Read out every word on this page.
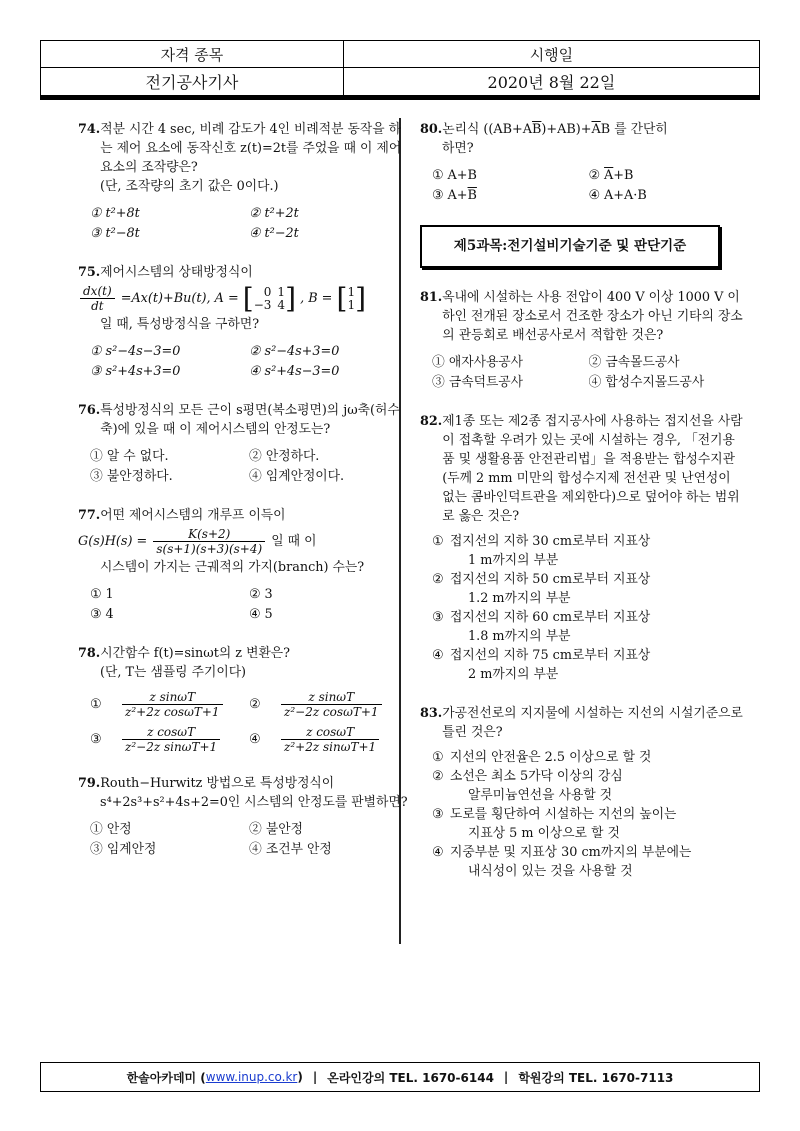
자격 종목	시행일
전기공사기사	2020년 8월 22일
74. 적분 시간 4 sec, 비례 감도가 4인 비례적분 동작을 하는 제어 요소에 동작신호 z(t)=2t를 주었을 때 이 제어 요소의 조작량은?
(단, 조작량의 초기 값은 0이다.)
① t²+8t	② t²+2t
③ t²−8t	④ t²−2t
75. 제어시스템의 상태방정식이
$\frac{dx(t)}{dt} =Ax(t)+Bu(t)$, A = [ 0 1
−3 4 ] , B = [ 1
1 ]
일 때, 특성방정식을 구하면?
① s²−4s−3=0	② s²−4s+3=0
③ s²+4s+3=0	④ s²+4s−3=0
76. 특성방정식의 모든 근이 s평면(복소평면)의 jω축(허수축)에 있을 때 이 제어시스템의 안정도는?
① 알 수 없다.	② 안정하다.
③ 불안정하다.	④ 임계안정이다.
77. 어떤 제어시스템의 개루프 이득이
$G(s)H(s) = \frac{K(s+2)}{s(s+1)(s+3)(s+4)}$ 일 때 이
시스템이 가지는 근궤적의 가지(branch) 수는?
① 1	② 3
③ 4	④ 5
78. 시간함수 f(t)=sinωt의 z 변환은?
(단, T는 샘플링 주기이다)
①	$\frac{\text{z sinωT}}{\text{z²+2z cosωT+1}}$ ②	$\frac{\text{z sinωT}}{\text{z²−2z cosωT+1}}$
③	$\frac{\text{z cosωT}}{\text{z²−2z sinωT+1}}$ ④	$\frac{\text{z cosωT}}{\text{z²+2z sinωT+1}}$
79. Routh−Hurwitz 방법으로 특성방정식이
s⁴+2s³+s²+4s+2=0인 시스템의 안정도를 판별하면?
① 안정	② 불안정
③ 임계안정	④ 조건부 안정
80. 논리식 $((AB+A\overline{B})+AB)+\overline{A}B$ 를 간단히
하면?
① A+B	② $\overline{A}+B$
③ $A+\overline{B}$	④ A+A·B
제5과목:전기설비기술기준 및 판단기준
81. 옥내에 시설하는 사용 전압이 400 V 이상 1000 V 이하인 전개된 장소로서 건조한 장소가 아닌 기타의 장소의 관등회로 배선공사로서 적합한 것은?
① 애자사용공사	② 금속몰드공사
③ 금속덕트공사	④ 합성수지몰드공사
82. 제1종 또는 제2종 접지공사에 사용하는 접지선을 사람이 접촉할 우려가 있는 곳에 시설하는 경우, 「전기용품 및 생활용품 안전관리법」을 적용받는 합성수지관(두께 2 mm 미만의 합성수지제 전선관 및 난연성이 없는 콤바인덕트관을 제외한다)으로 덮어야 하는 범위로 옳은 것은?
① 접지선의 지하 30 cm로부터 지표상
1 m까지의 부분
② 접지선의 지하 50 cm로부터 지표상
1.2 m까지의 부분
③ 접지선의 지하 60 cm로부터 지표상
1.8 m까지의 부분
④ 접지선의 지하 75 cm로부터 지표상
2 m까지의 부분
83. 가공전선로의 지지물에 시설하는 지선의 시설기준으로 틀린 것은?
① 지선의 안전율은 2.5 이상으로 할 것
② 소선은 최소 5가닥 이상의 강심
알루미늄연선을 사용할 것
③ 도로를 횡단하여 시설하는 지선의 높이는
지표상 5 m 이상으로 할 것
④ 지중부분 및 지표상 30 cm까지의 부분에는
내식성이 있는 것을 사용할 것
한솔아카데미 ( www.inup.co.kr ) | 온라인강의 TEL. 1670-6144 | 학원강의 TEL. 1670-7113
